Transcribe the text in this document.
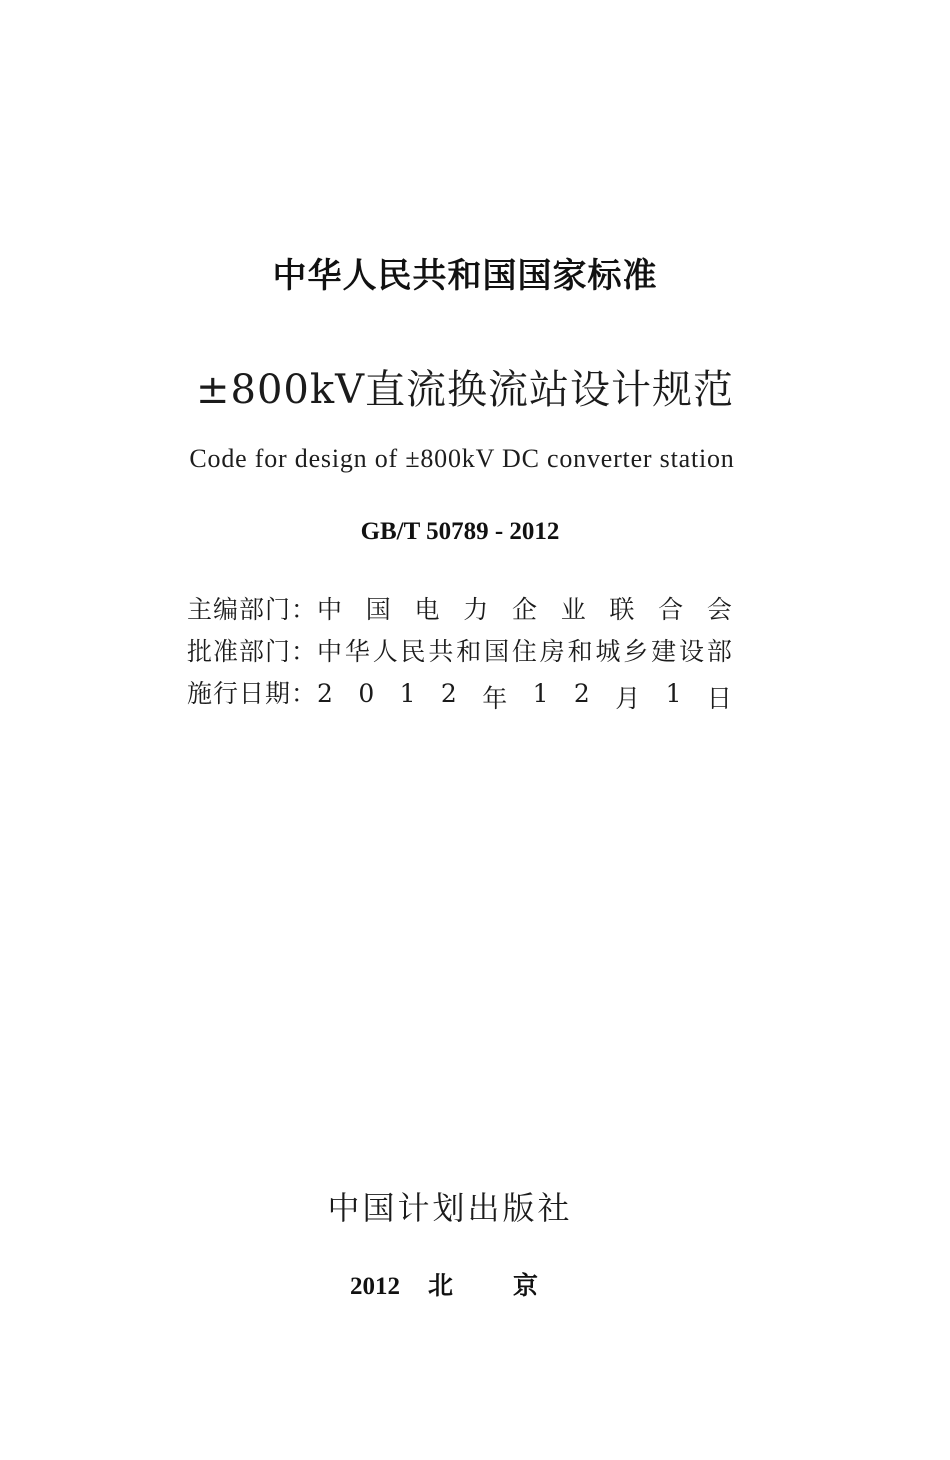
中华人民共和国国家标准
±800kV直流换流站设计规范
Code for design of ±800kV DC converter station
GB/T 50789 - 2012
主编部门： 中 国 电 力 企 业 联 合 会
批准部门： 中 华 人 民 共 和 国 住 房 和 城 乡 建 设 部
施行日期： 2 0 1 2 年 1 2 月 1 日
中国计划出版社
2012 北 京
